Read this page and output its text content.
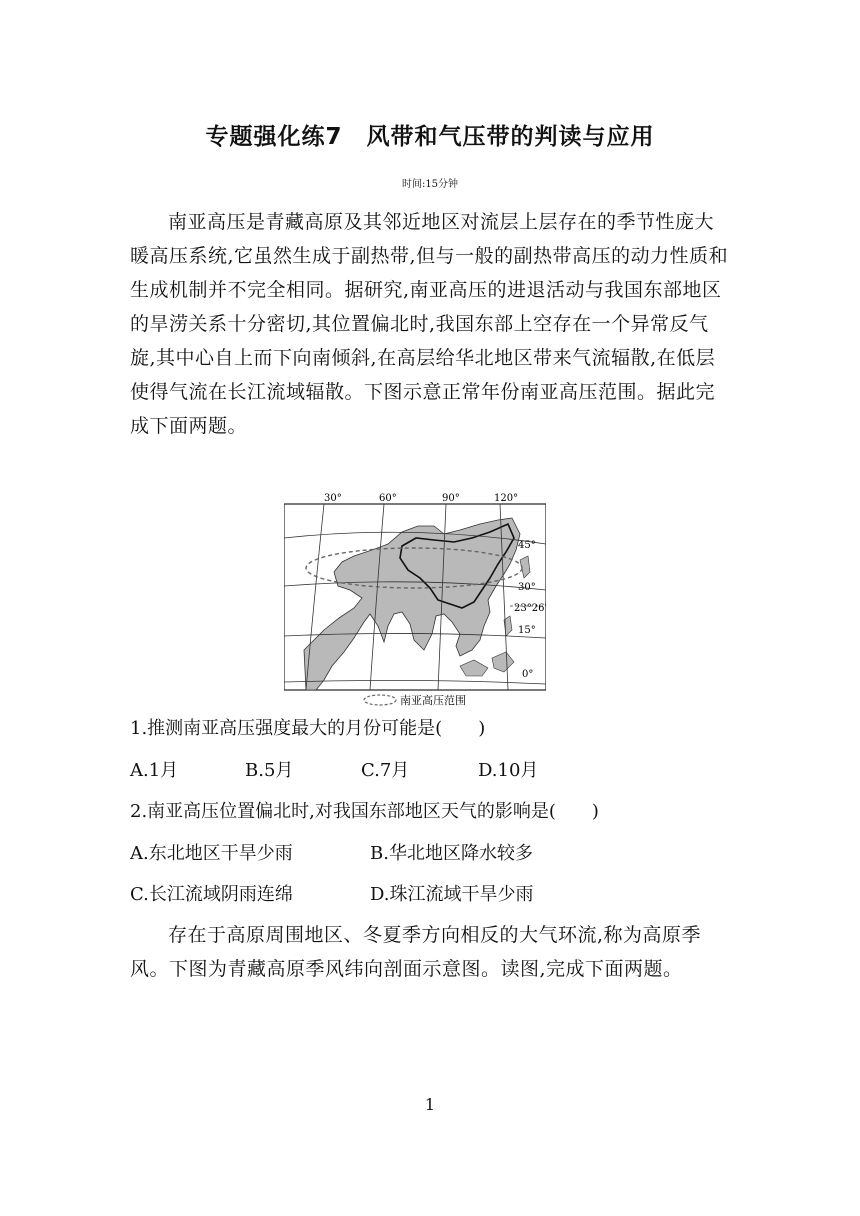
专题强化练7　风带和气压带的判读与应用
时间:15分钟

南亚高压是青藏高原及其邻近地区对流层上层存在的季节性庞大暖高压系统,它虽然生成于副热带,但与一般的副热带高压的动力性质和生成机制并不完全相同。据研究,南亚高压的进退活动与我国东部地区的旱涝关系十分密切,其位置偏北时,我国东部上空存在一个异常反气旋,其中心自上而下向南倾斜,在高层给华北地区带来气流辐散,在低层使得气流在长江流域辐散。下图示意正常年份南亚高压范围。据此完成下面两题。

30°	60°	90°	120°
45°
30°
23°26′
15°
0°
南亚高压范围
1.推测南亚高压强度最大的月份可能是(　　)
A.1月	B.5月	C.7月	D.10月
2.南亚高压位置偏北时,对我国东部地区天气的影响是(　　)
A.东北地区干旱少雨	B.华北地区降水较多
C.长江流域阴雨连绵	D.珠江流域干旱少雨

存在于高原周围地区、冬夏季方向相反的大气环流,称为高原季风。下图为青藏高原季风纬向剖面示意图。读图,完成下面两题。

1
